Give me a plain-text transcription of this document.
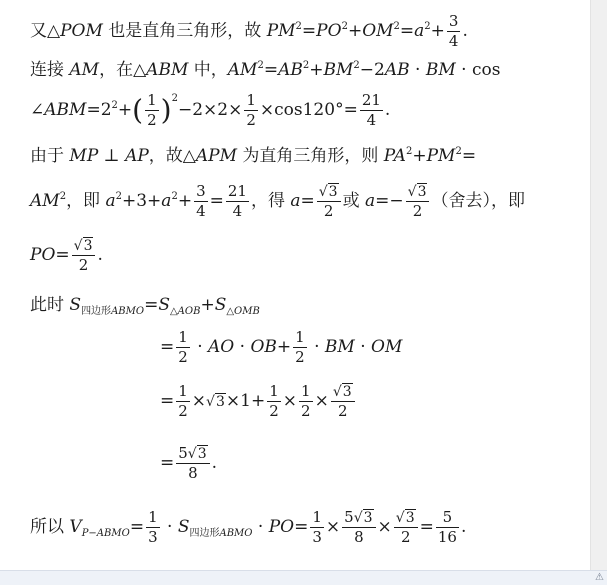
又△POM 也是直角三角形，故 $PM^2=PO^2+OM^2=a^2+ \frac{3}{4}$ .
连接 AM，在△ABM 中，$AM^2=AB^2+BM^2-2AB$ · BM · cos
$\angle ABM=2^2+( \frac{1}{2} )^2-2\times 2\times \frac{1}{2} \times\cos 120^\circ= \frac{21}{4}$ .
由于 MP ⊥ AP，故△APM 为直角三角形，则 $PA^2+PM^2=$
$AM^2$，即 $a^2+3+a^2+ \frac{3}{4} = \frac{21}{4}$ ，得 $a= \frac{√3}{2}$ 或 $a=- \frac{√3}{2}$ （舍去），即
$PO= \frac{√3}{2}$ .
此时 $S_{四边形ABMO}=S_{\triangle AOB}+S_{\triangle OMB}$
= $\frac{1}{2}$ · AO · $OB+ \frac{1}{2}$ · BM · OM
= $\frac{1}{2} \times√3\times 1+ \frac{1}{2} \times \frac{1}{2} \times \frac{√3}{2}$
= $\frac{5√3}{8}$ .
所以 $V_{P-ABMO}= \frac{1}{3} \cdot S_{四边形ABMO} \cdot PO= \frac{1}{3} \times \frac{5√3}{8} \times \frac{√3}{2} = \frac{5}{16}$ .
⚠
